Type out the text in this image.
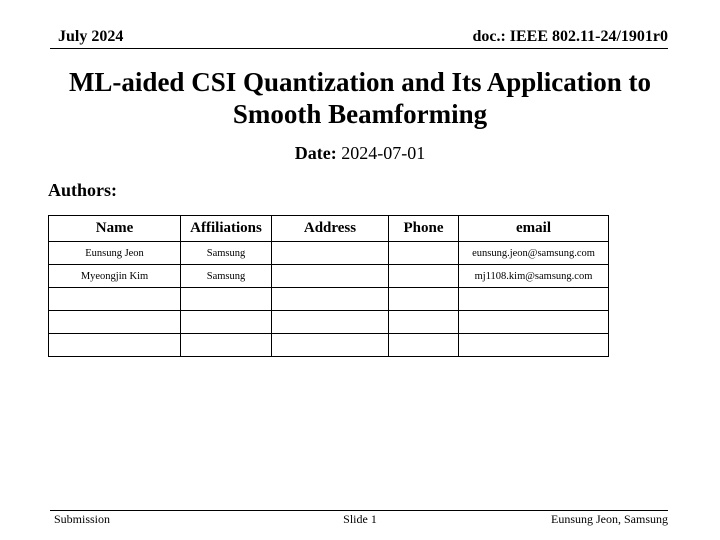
July 2024	doc.: IEEE 802.11-24/1901r0
ML-aided CSI Quantization and Its Application to
Smooth Beamforming
Date: 2024-07-01
Authors:
Name	Affiliations	Address	Phone	email
Eunsung Jeon	Samsung			eunsung.jeon@samsung.com
Myeongjin Kim	Samsung			mj1108.kim@samsung.com

Submission	Slide 1	Eunsung Jeon, Samsung
